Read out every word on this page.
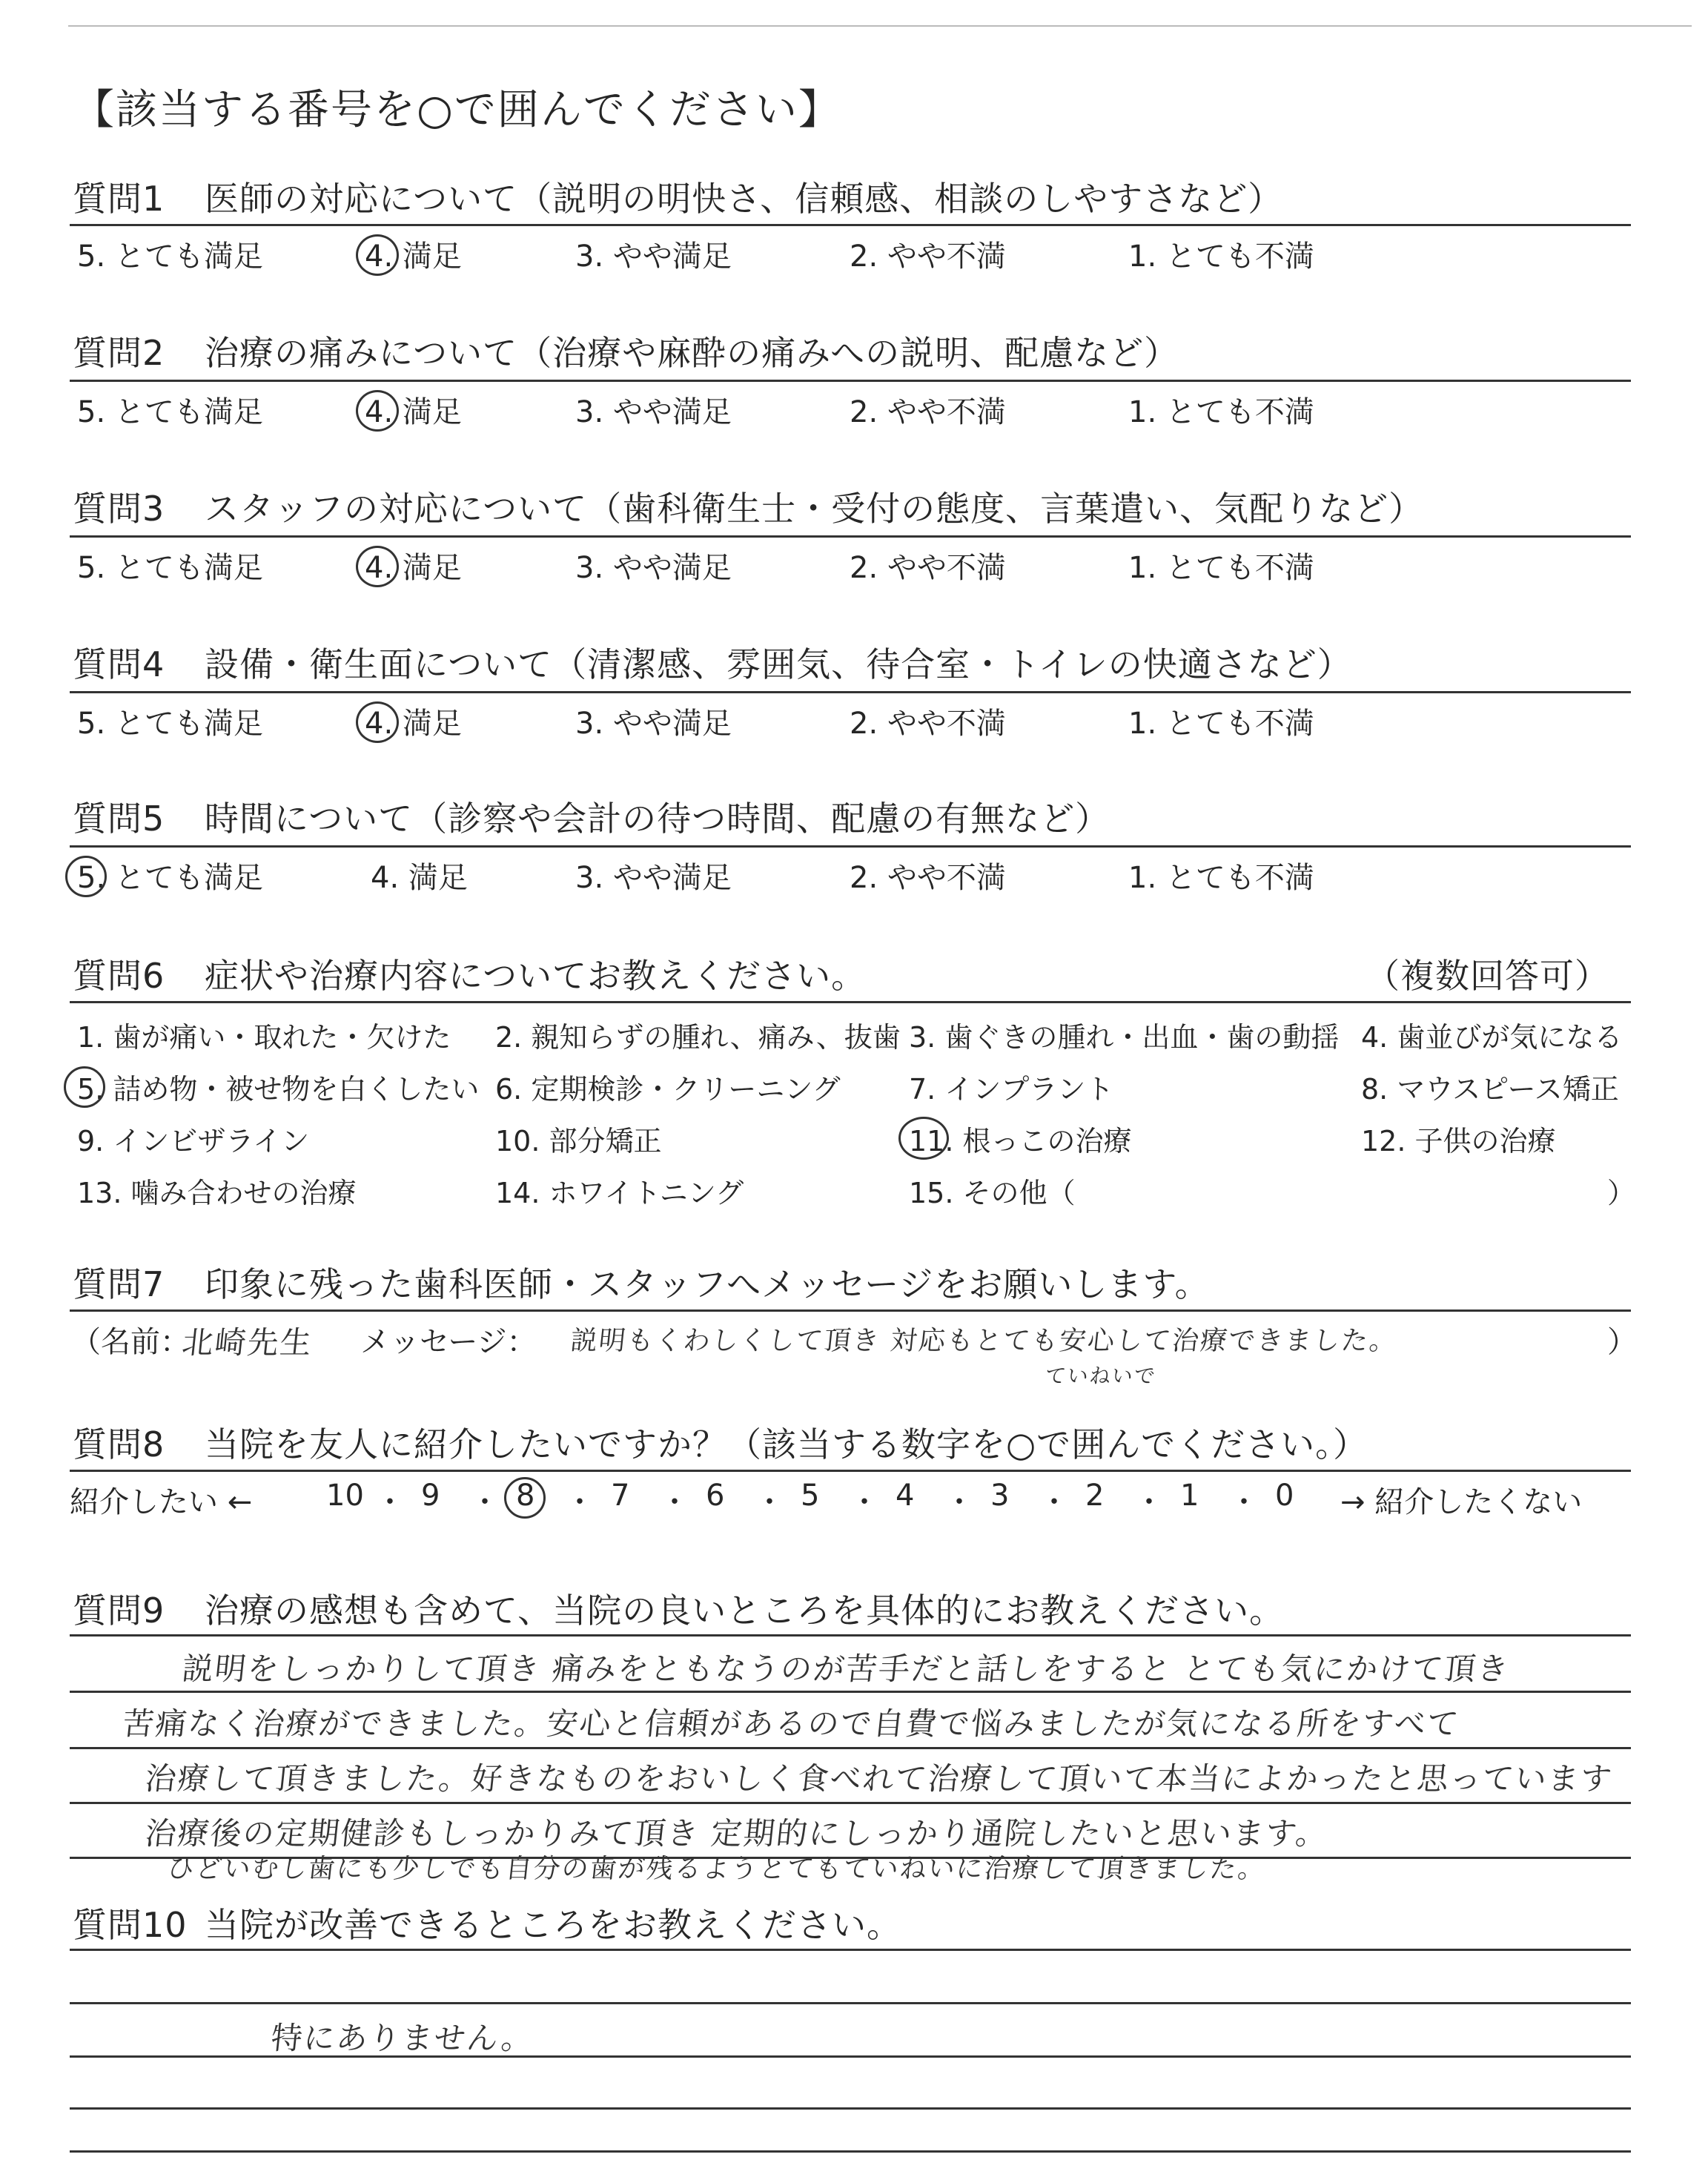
【該当する番号を○で囲んでください】
質問1 医師の対応について（説明の明快さ、信頼感、相談のしやすさなど）
5. とても満足	4. 満足	3. やや満足	2. やや不満	1. とても不満
質問2 治療の痛みについて（治療や麻酔の痛みへの説明、配慮など）
5. とても満足	4. 満足	3. やや満足	2. やや不満	1. とても不満
質問3 スタッフの対応について（歯科衛生士・受付の態度、言葉遣い、気配りなど）
5. とても満足	4. 満足	3. やや満足	2. やや不満	1. とても不満
質問4 設備・衛生面について（清潔感、雰囲気、待合室・トイレの快適さなど）
5. とても満足	4. 満足	3. やや満足	2. やや不満	1. とても不満
質問5 時間について（診察や会計の待つ時間、配慮の有無など）
5. とても満足	4. 満足	3. やや満足	2. やや不満	1. とても不満
質問6 症状や治療内容についてお教えください。	（複数回答可）
1. 歯が痛い・取れた・欠けた 2. 親知らずの腫れ、痛み、抜歯 3. 歯ぐきの腫れ・出血・歯の動揺 4. 歯並びが気になる
5. 詰め物・被せ物を白くしたい 6. 定期検診・クリーニング 7. インプラント	8. マウスピース矯正
9. インビザライン	10. 部分矯正	11. 根っこの治療	12. 子供の治療
13. 噛み合わせの治療	14. ホワイトニング	15. その他（	）
質問7 印象に残った歯科医師・スタッフへメッセージをお願いします。
（名前：
北崎先生 メッセージ： 説明もくわしくして頂き 対応もとても安心して治療できました。
ていねいで
）
質問8 当院を友人に紹介したいですか？（該当する数字を○で囲んでください。）
紹介したい ← 10 ・ 9 ・ 8 ・ 7 ・ 6 ・ 5 ・ 4 ・ 3 ・ 2 ・ 1 ・ 0 → 紹介したくない
質問9 治療の感想も含めて、当院の良いところを具体的にお教えください。
説明をしっかりして頂き 痛みをともなうのが苦手だと話しをすると とても気にかけて頂き
苦痛なく治療ができました。安心と信頼があるので自費で悩みましたが気になる所をすべて
治療して頂きました。好きなものをおいしく食べれて治療して頂いて本当によかったと思っています
治療後の定期健診もしっかりみて頂き 定期的にしっかり通院したいと思います。
ひどいむし歯にも少しでも自分の歯が残るようとてもていねいに治療して頂きました。
質問10 当院が改善できるところをお教えください。
特にありません。
